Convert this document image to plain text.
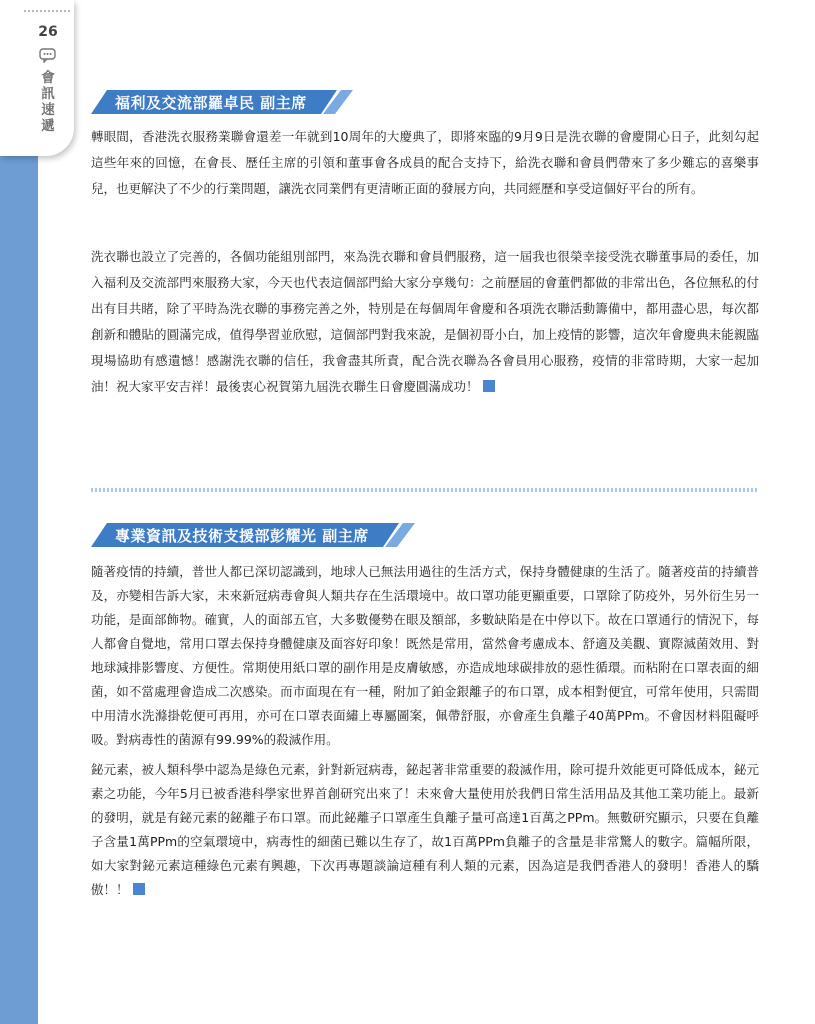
26
會訊速遞
福利及交流部羅卓民 副主席

轉眼間，香港洗衣服務業聯會還差一年就到10周年的大慶典了，即將來臨的9月9日是洗衣聯的會慶開心日子，此刻勾起這些年來的回憶，在會長、歷任主席的引領和董事會各成員的配合支持下，給洗衣聯和會員們帶來了多少難忘的喜樂事兒，也更解決了不少的行業問題，讓洗衣同業們有更清晰正面的發展方向，共同經歷和享受這個好平台的所有。

洗衣聯也設立了完善的，各個功能組別部門，來為洗衣聯和會員們服務，這一屆我也很榮幸接受洗衣聯董事局的委任，加入福利及交流部門來服務大家，今天也代表這個部門給大家分享幾句：之前歷屆的會董們都做的非常出色，各位無私的付出有目共睹，除了平時為洗衣聯的事務完善之外，特別是在每個周年會慶和各項洗衣聯活動籌備中，都用盡心思，每次都創新和體貼的圓滿完成，值得學習並欣慰，這個部門對我來說，是個初哥小白，加上疫情的影響，這次年會慶典未能親臨現場協助有感遺憾！感謝洗衣聯的信任，我會盡其所責，配合洗衣聯為各會員用心服務，疫情的非常時期，大家一起加油！祝大家平安吉祥！最後衷心祝賀第九屆洗衣聯生日會慶圓滿成功！

專業資訊及技術支援部彭耀光 副主席

隨著疫情的持續，普世人都已深切認識到，地球人已無法用過往的生活方式，保持身體健康的生活了。隨著疫苗的持續普及，亦變相告訴大家，未來新冠病毒會與人類共存在生活環境中。故口罩功能更顯重要，口罩除了防疫外，另外衍生另一功能，是面部飾物。確實，人的面部五官，大多數優勢在眼及額部，多數缺陷是在中停以下。故在口罩通行的情況下，每人都會自覺地，常用口罩去保持身體健康及面容好印象！既然是常用，當然會考慮成本、舒適及美觀、實際滅菌效用、對地球減排影響度、方便性。常期使用紙口罩的副作用是皮膚敏感，亦造成地球碳排放的惡性循環。而粘附在口罩表面的細菌，如不當處理會造成二次感染。而市面現在有一種，附加了鉑金銀離子的布口罩，成本相對便宜，可常年使用，只需間中用清水洗滌掛乾便可再用，亦可在口罩表面繡上專屬圖案，佩帶舒服，亦會產生負離子40萬PPm。不會因材料阻礙呼吸。對病毒性的菌源有99.99%的殺滅作用。

鉍元素，被人類科學中認為是綠色元素，針對新冠病毒，鉍起著非常重要的殺滅作用，除可提升效能更可降低成本，鉍元素之功能，今年5月已被香港科學家世界首創研究出來了！未來會大量使用於我們日常生活用品及其他工業功能上。最新的發明，就是有鉍元素的鉍離子布口罩。而此鉍離子口罩產生負離子量可高達1百萬之PPm。無數研究顯示，只要在負離子含量1萬PPm的空氣環境中，病毒性的細菌已難以生存了，故1百萬PPm負離子的含量是非常驚人的數字。篇幅所限，如大家對鉍元素這種綠色元素有興趣，下次再專題談論這種有利人類的元素，因為這是我們香港人的發明！香港人的驕傲！！
